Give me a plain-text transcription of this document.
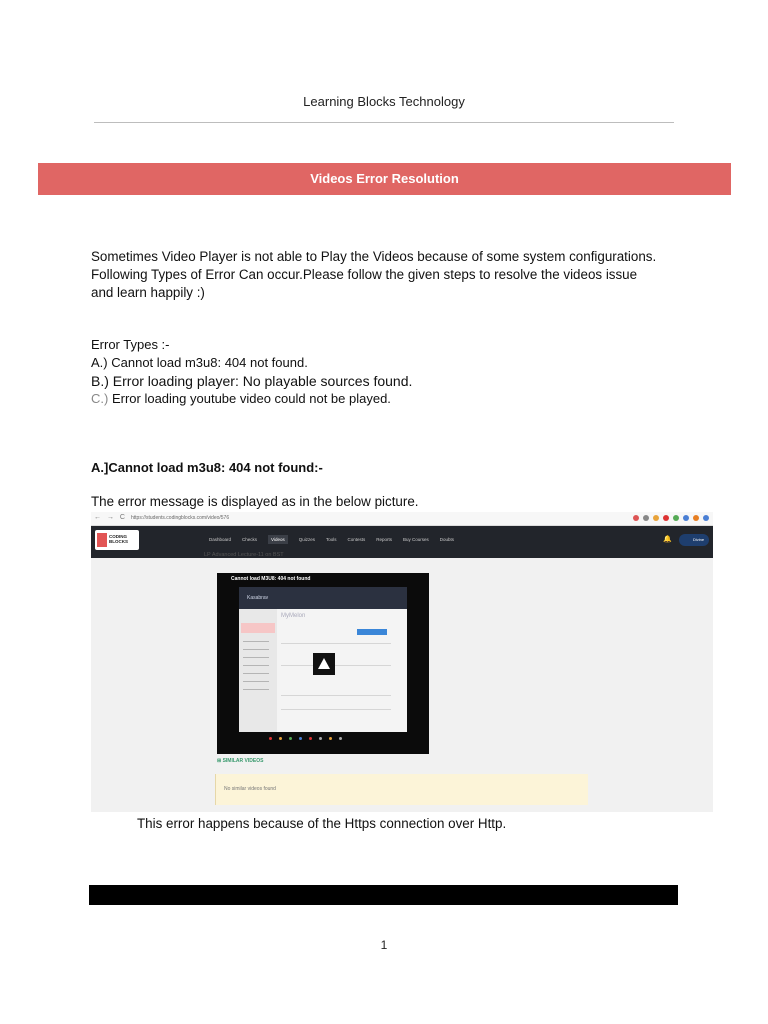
Learning Blocks Technology
Videos Error Resolution
Sometimes Video Player is not able to Play the Videos because of some system configurations.
Following Types of Error Can occur.Please follow the given steps to resolve the videos issue
and learn happily :)
Error Types :-
A.) Cannot load m3u8: 404 not found.
B.) Error loading player: No playable sources found.
C.) Error loading youtube video could not be played.
A.]Cannot load m3u8: 404 not found:-
The error message is displayed as in the below picture.
← → C https://students.codingblocks.com/video/576
CODING
BLOCKS	Dashboard Checks	Videos	Quizzes Tools Contests Reports Buy Courses Doubts	🔔	Divine
LP Advanced Lecture-11 on BST
Cannot load M3U8: 404 not found
Kasabrav
MyMelon
⊞ SIMILAR VIDEOS
No similar videos found
This error happens because of the Https connection over Http.
1
